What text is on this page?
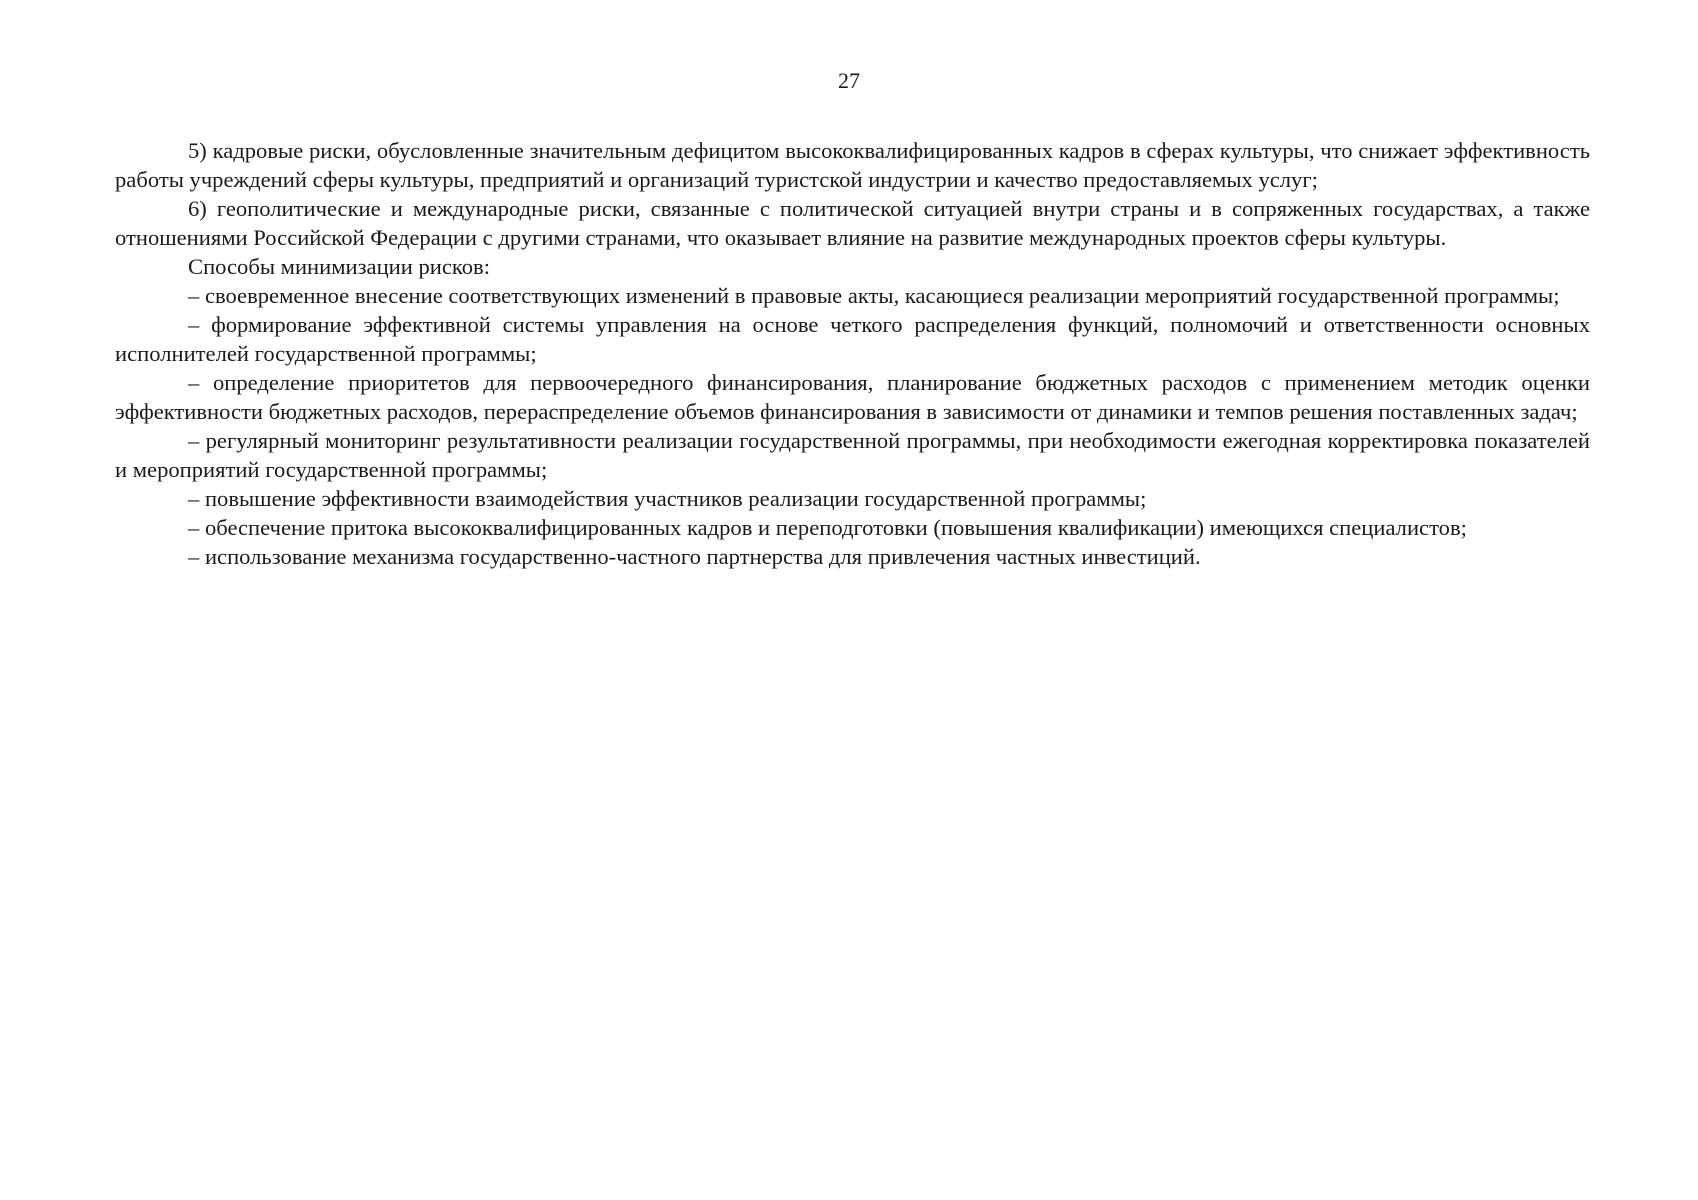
27

5) кадровые риски, обусловленные значительным дефицитом высококвалифицированных кадров в сферах культуры, что снижает эффективность работы учреждений сферы культуры, предприятий и организаций туристской индустрии и качество предоставляемых услуг;

6) геополитические и международные риски, связанные с политической ситуацией внутри страны и в сопряженных государствах, а также отношениями Российской Федерации с другими странами, что оказывает влияние на развитие международных проектов сферы культуры.

Способы минимизации рисков:

– своевременное внесение соответствующих изменений в правовые акты, касающиеся реализации мероприятий государственной программы;

– формирование эффективной системы управления на основе четкого распределения функций, полномочий и ответственности основных исполнителей государственной программы;

– определение приоритетов для первоочередного финансирования, планирование бюджетных расходов с применением методик оценки эффективности бюджетных расходов, перераспределение объемов финансирования в зависимости от динамики и темпов решения поставленных задач;

– регулярный мониторинг результативности реализации государственной программы, при необходимости ежегодная корректировка показателей и мероприятий государственной программы;

– повышение эффективности взаимодействия участников реализации государственной программы;

– обеспечение притока высококвалифицированных кадров и переподготовки (повышения квалификации) имеющихся специалистов;

– использование механизма государственно-частного партнерства для привлечения частных инвестиций.
